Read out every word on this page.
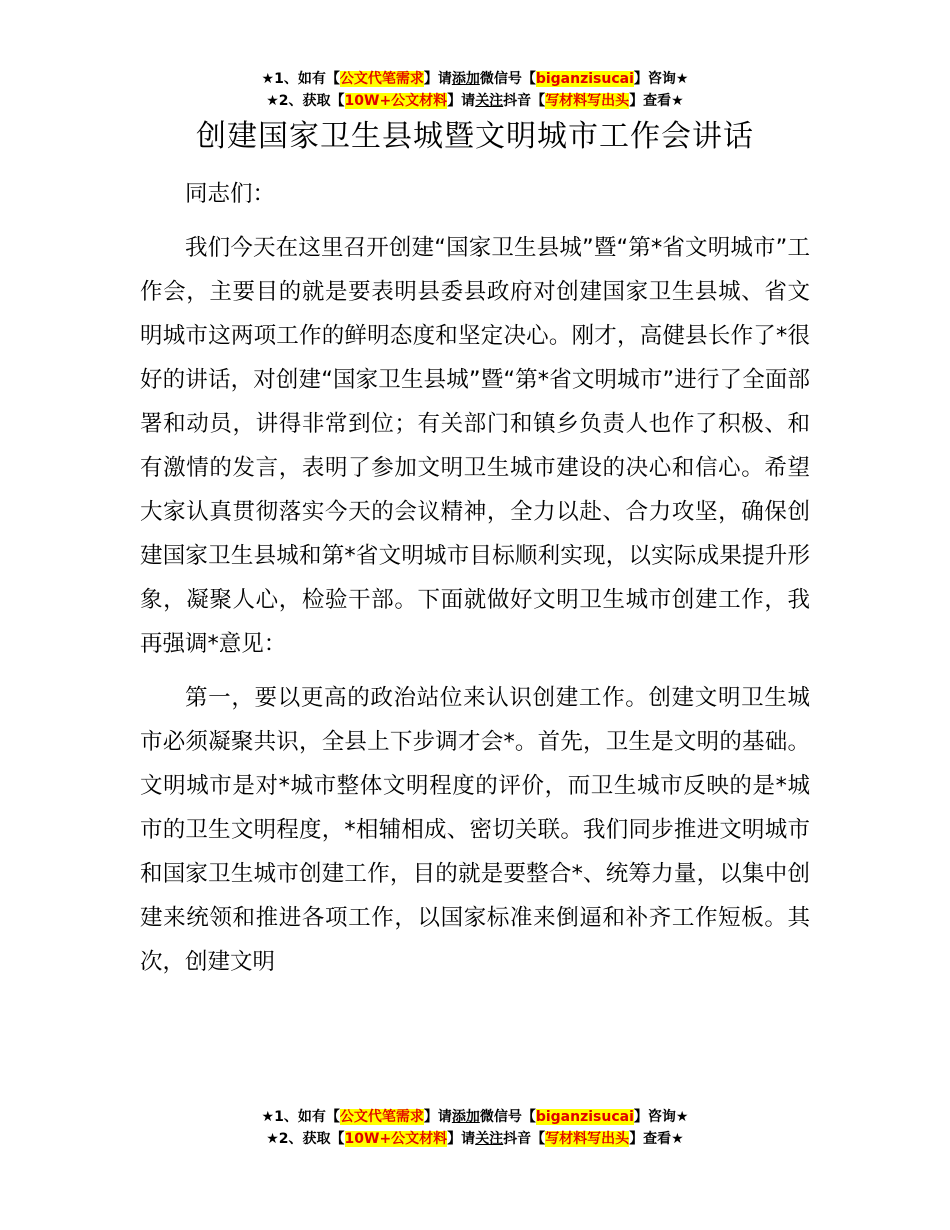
★1、如有【公文代笔需求】请添加微信号【biganzisucai】咨询★
★2、获取【10W+公文材料】请关注抖音【写材料写出头】查看★
创建国家卫生县城暨文明城市工作会讲话

同志们：

我们今天在这里召开创建“国家卫生县城”暨“第*省文明城市”工作会，主要目的就是要表明县委县政府对创建国家卫生县城、省文明城市这两项工作的鲜明态度和坚定决心。刚才，高健县长作了*很好的讲话，对创建“国家卫生县城”暨“第*省文明城市”进行了全面部署和动员，讲得非常到位；有关部门和镇乡负责人也作了积极、和有激情的发言，表明了参加文明卫生城市建设的决心和信心。希望大家认真贯彻落实今天的会议精神，全力以赴、合力攻坚，确保创建国家卫生县城和第*省文明城市目标顺利实现，以实际成果提升形象，凝聚人心，检验干部。下面就做好文明卫生城市创建工作，我再强调*意见：

第一，要以更高的政治站位来认识创建工作。创建文明卫生城市必须凝聚共识，全县上下步调才会*。首先，卫生是文明的基础。文明城市是对*城市整体文明程度的评价，而卫生城市反映的是*城市的卫生文明程度，*相辅相成、密切关联。我们同步推进文明城市和国家卫生城市创建工作，目的就是要整合*、统筹力量，以集中创建来统领和推进各项工作，以国家标准来倒逼和补齐工作短板。其次，创建文明

★1、如有【公文代笔需求】请添加微信号【biganzisucai】咨询★
★2、获取【10W+公文材料】请关注抖音【写材料写出头】查看★
